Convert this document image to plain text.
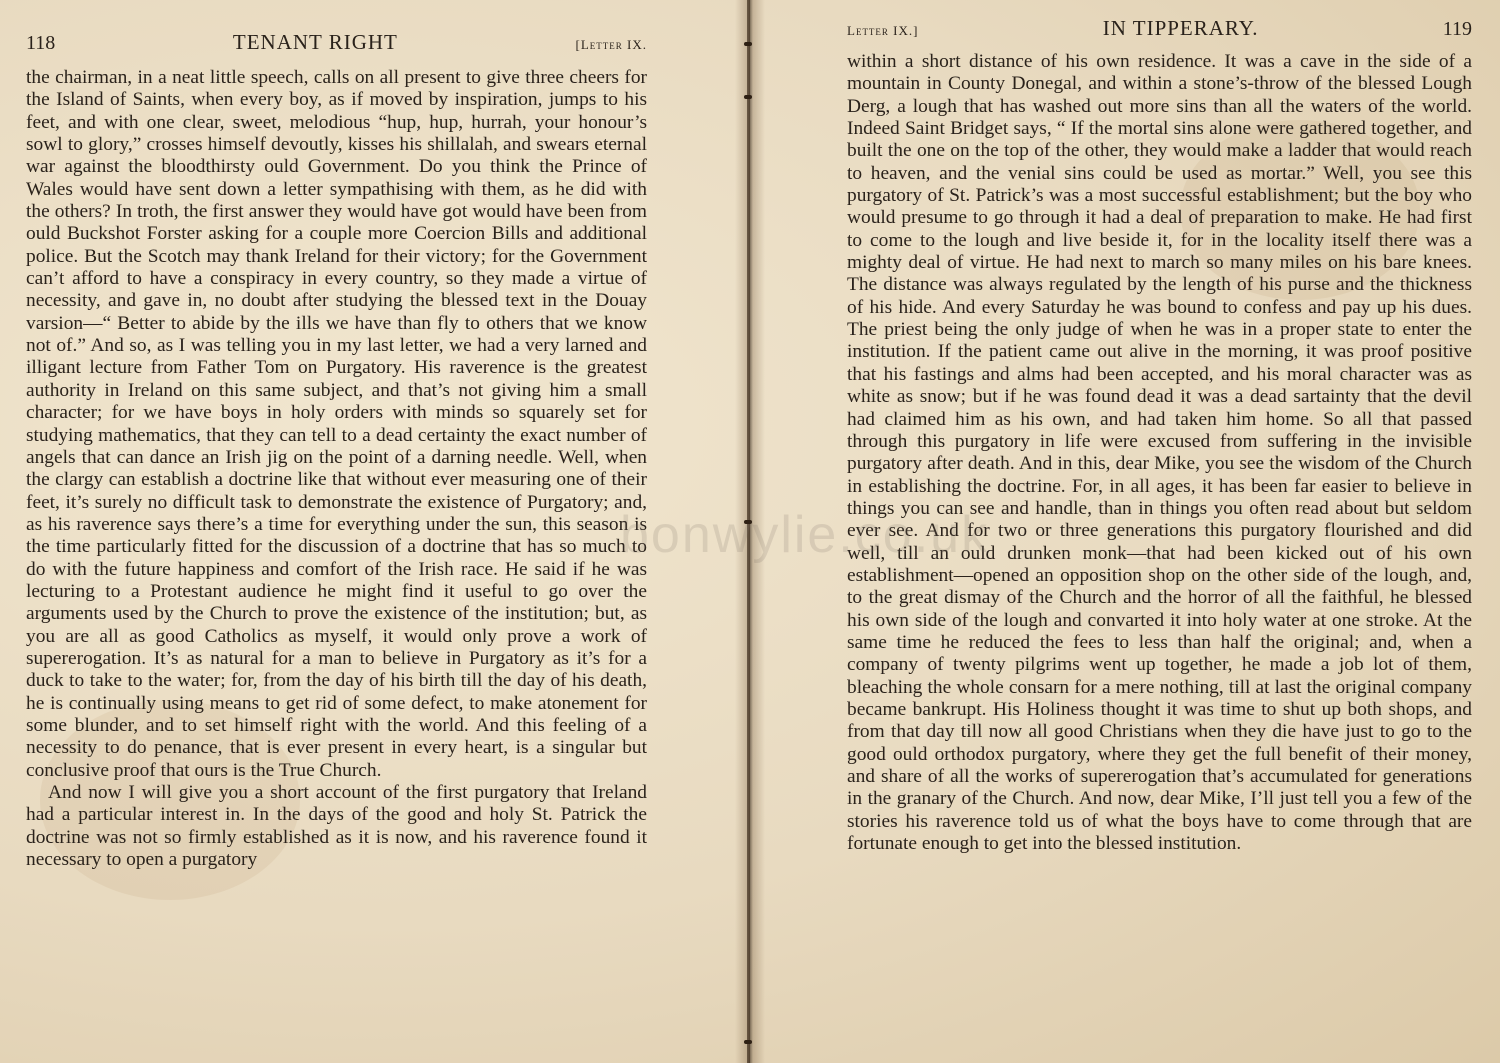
118	TENANT RIGHT	[Letter IX.

the chairman, in a neat little speech, calls on all present to give three cheers for the Island of Saints, when every boy, as if moved by inspiration, jumps to his feet, and with one clear, sweet, melodious “hup, hup, hurrah, your honour’s sowl to glory,” crosses himself devoutly, kisses his shillalah, and swears eternal war against the bloodthirsty ould Government. Do you think the Prince of Wales would have sent down a letter sympathising with them, as he did with the others? In troth, the first answer they would have got would have been from ould Buckshot Forster asking for a couple more Coercion Bills and additional police. But the Scotch may thank Ireland for their victory; for the Government can’t afford to have a conspiracy in every country, so they made a virtue of necessity, and gave in, no doubt after studying the blessed text in the Douay varsion—“ Better to abide by the ills we have than fly to others that we know not of.” And so, as I was telling you in my last letter, we had a very larned and illigant lecture from Father Tom on Purgatory. His raverence is the greatest authority in Ireland on this same subject, and that’s not giving him a small character; for we have boys in holy orders with minds so squarely set for studying mathematics, that they can tell to a dead certainty the exact number of angels that can dance an Irish jig on the point of a darning needle. Well, when the clargy can establish a doctrine like that without ever measuring one of their feet, it’s surely no difficult task to demonstrate the existence of Purgatory; and, as his raverence says there’s a time for everything under the sun, this season is the time particularly fitted for the discussion of a doctrine that has so much to do with the future happiness and comfort of the Irish race. He said if he was lecturing to a Protestant audience he might find it useful to go over the arguments used by the Church to prove the existence of the institution; but, as you are all as good Catholics as myself, it would only prove a work of supererogation. It’s as natural for a man to believe in Purgatory as it’s for a duck to take to the water; for, from the day of his birth till the day of his death, he is continually using means to get rid of some defect, to make atonement for some blunder, and to set himself right with the world. And this feeling of a necessity to do penance, that is ever present in every heart, is a singular but conclusive proof that ours is the True Church.

And now I will give you a short account of the first purgatory that Ireland had a particular interest in. In the days of the good and holy St. Patrick the doctrine was not so firmly established as it is now, and his raverence found it necessary to open a purgatory

Letter IX.]	IN TIPPERARY.	119

within a short distance of his own residence. It was a cave in the side of a mountain in County Donegal, and within a stone’s-throw of the blessed Lough Derg, a lough that has washed out more sins than all the waters of the world. Indeed Saint Bridget says, “ If the mortal sins alone were gathered together, and built the one on the top of the other, they would make a ladder that would reach to heaven, and the venial sins could be used as mortar.” Well, you see this purgatory of St. Patrick’s was a most successful establishment; but the boy who would presume to go through it had a deal of preparation to make. He had first to come to the lough and live beside it, for in the locality itself there was a mighty deal of virtue. He had next to march so many miles on his bare knees. The distance was always regulated by the length of his purse and the thickness of his hide. And every Saturday he was bound to confess and pay up his dues. The priest being the only judge of when he was in a proper state to enter the institution. If the patient came out alive in the morning, it was proof positive that his fastings and alms had been accepted, and his moral character was as white as snow; but if he was found dead it was a dead sartainty that the devil had claimed him as his own, and had taken him home. So all that passed through this purgatory in life were excused from suffering in the invisible purgatory after death. And in this, dear Mike, you see the wisdom of the Church in establishing the doctrine. For, in all ages, it has been far easier to believe in things you can see and handle, than in things you often read about but seldom ever see. And for two or three generations this purgatory flourished and did well, till an ould drunken monk—that had been kicked out of his own establishment—opened an opposition shop on the other side of the lough, and, to the great dismay of the Church and the horror of all the faithful, he blessed his own side of the lough and convarted it into holy water at one stroke. At the same time he reduced the fees to less than half the original; and, when a company of twenty pilgrims went up together, he made a job lot of them, bleaching the whole consarn for a mere nothing, till at last the original company became bankrupt. His Holiness thought it was time to shut up both shops, and from that day till now all good Christians when they die have just to go to the good ould orthodox purgatory, where they get the full benefit of their money, and share of all the works of supererogation that’s accumulated for generations in the granary of the Church. And now, dear Mike, I’ll just tell you a few of the stories his raverence told us of what the boys have to come through that are fortunate enough to get into the blessed institution.

bonwylie.co.uk
